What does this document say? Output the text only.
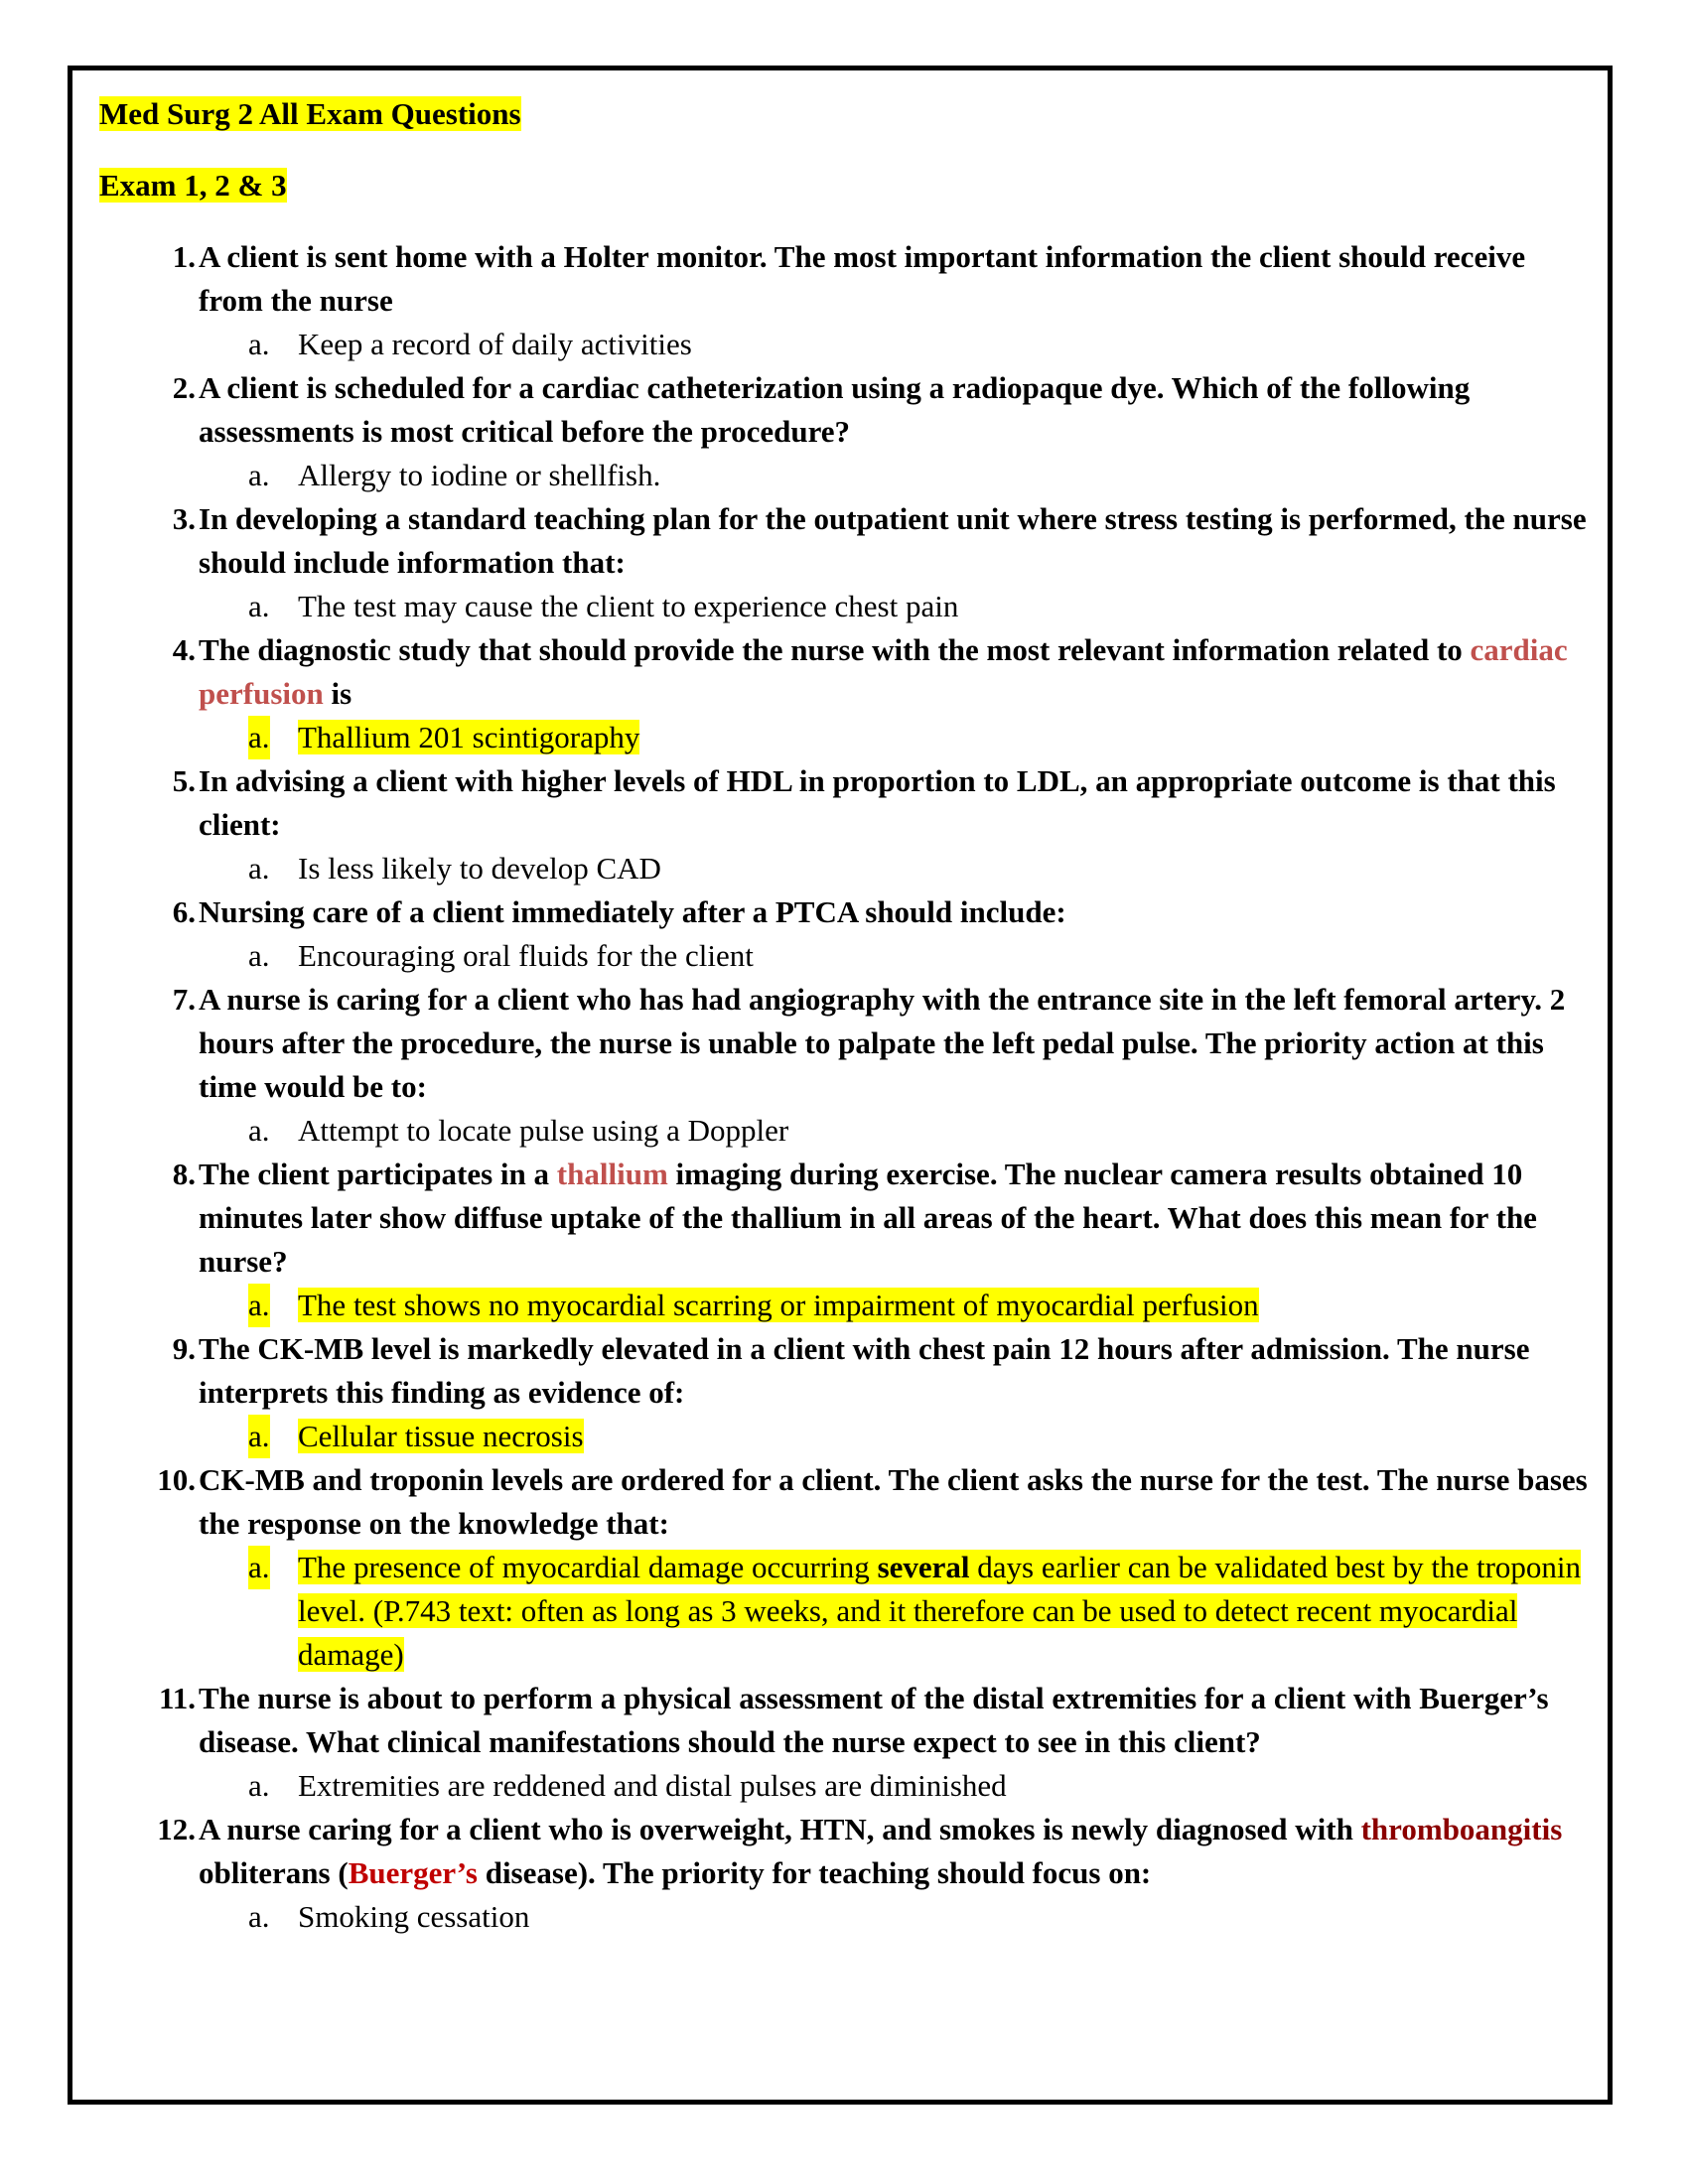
Med Surg 2 All Exam Questions

Exam 1, 2 & 3

1. A client is sent home with a Holter monitor. The most important information the client should receive from the nurse
a. Keep a record of daily activities
2. A client is scheduled for a cardiac catheterization using a radiopaque dye. Which of the following assessments is most critical before the procedure?
a. Allergy to iodine or shellfish.
3. In developing a standard teaching plan for the outpatient unit where stress testing is performed, the nurse should include information that:
a. The test may cause the client to experience chest pain
4. The diagnostic study that should provide the nurse with the most relevant information related to cardiac perfusion is
a. Thallium 201 scintigoraphy
5. In advising a client with higher levels of HDL in proportion to LDL, an appropriate outcome is that this client:
a. Is less likely to develop CAD
6. Nursing care of a client immediately after a PTCA should include:
a. Encouraging oral fluids for the client
7. A nurse is caring for a client who has had angiography with the entrance site in the left femoral artery. 2 hours after the procedure, the nurse is unable to palpate the left pedal pulse. The priority action at this time would be to:
a. Attempt to locate pulse using a Doppler
8. The client participates in a thallium imaging during exercise. The nuclear camera results obtained 10 minutes later show diffuse uptake of the thallium in all areas of the heart. What does this mean for the nurse?
a. The test shows no myocardial scarring or impairment of myocardial perfusion
9. The CK-MB level is markedly elevated in a client with chest pain 12 hours after admission. The nurse interprets this finding as evidence of:
a. Cellular tissue necrosis
10. CK-MB and troponin levels are ordered for a client. The client asks the nurse for the test. The nurse bases the response on the knowledge that:
a. The presence of myocardial damage occurring several days earlier can be validated best by the troponin level. (P.743 text: often as long as 3 weeks, and it therefore can be used to detect recent myocardial damage)
11. The nurse is about to perform a physical assessment of the distal extremities for a client with Buerger’s disease. What clinical manifestations should the nurse expect to see in this client?
a. Extremities are reddened and distal pulses are diminished
12. A nurse caring for a client who is overweight, HTN, and smokes is newly diagnosed with thromboangitis obliterans (Buerger’s disease). The priority for teaching should focus on:
a. Smoking cessation
